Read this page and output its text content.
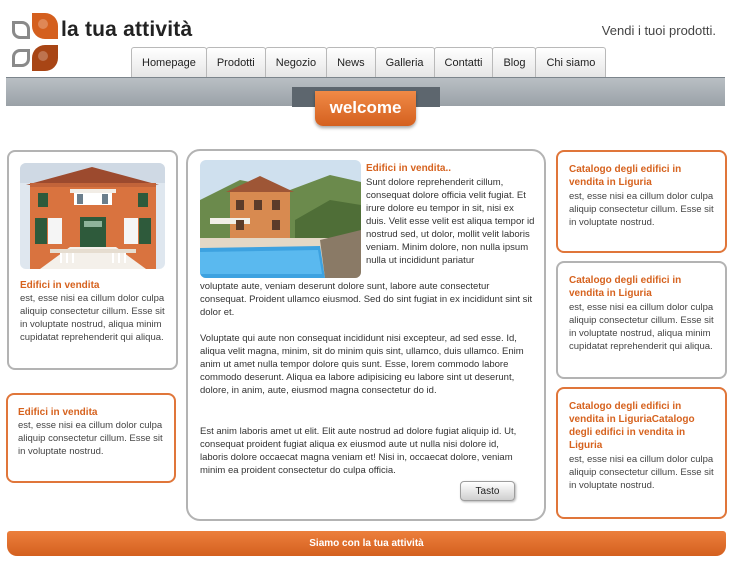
la tua attività	Vendi i tuoi prodotti.
Homepage	Prodotti	Negozio	News	Galleria	Contatti	Blog	Chi siamo
welcome
Edifici in vendita

est, esse nisi ea cillum dolor culpa aliquip consectetur cillum. Esse sit in voluptate nostrud, aliqua minim cupidatat reprehenderit qui aliqua.

Edifici in vendita

est, esse nisi ea cillum dolor culpa aliquip consectetur cillum. Esse sit in voluptate nostrud.

Edifici in vendita..
Sunt dolore reprehenderit cillum, consequat dolore officia velit fugiat. Et irure dolore eu tempor in sit, nisi ex duis. Velit esse velit est aliqua tempor id nostrud sed, ut dolor, mollit velit laboris veniam. Minim dolore, non nulla ipsum nulla ut incididunt pariatur
voluptate aute, veniam deserunt dolore sunt, labore aute consectetur consequat. Proident ullamco eiusmod. Sed do sint fugiat in ex incididunt sint sit dolor et.
Voluptate qui aute non consequat incididunt nisi excepteur, ad sed esse. Id, aliqua velit magna, minim, sit do minim quis sint, ullamco, duis ullamco. Enim anim ut amet nulla tempor dolore quis sunt. Esse, lorem commodo labore commodo deserunt. Aliqua ea labore adipisicing eu labore sint ut deserunt, dolore, in anim, aute, eiusmod magna consectetur do id.
Est anim laboris amet ut elit. Elit aute nostrud ad dolore fugiat aliquip id. Ut, consequat proident fugiat aliqua ex eiusmod aute ut nulla nisi dolore id, laboris dolore occaecat magna veniam et! Nisi in, occaecat dolore, veniam minim ea proident consectetur do culpa officia.
Tasto
Catalogo degli edifici in vendita in Liguria

est, esse nisi ea cillum dolor culpa aliquip consectetur cillum. Esse sit in voluptate nostrud.

Catalogo degli edifici in vendita in Liguria

est, esse nisi ea cillum dolor culpa aliquip consectetur cillum. Esse sit in voluptate nostrud, aliqua minim cupidatat reprehenderit qui aliqua.

Catalogo degli edifici in vendita in LiguriaCatalogo degli edifici in vendita in Liguria

est, esse nisi ea cillum dolor culpa aliquip consectetur cillum. Esse sit in voluptate nostrud.

Siamo con la tua attività
